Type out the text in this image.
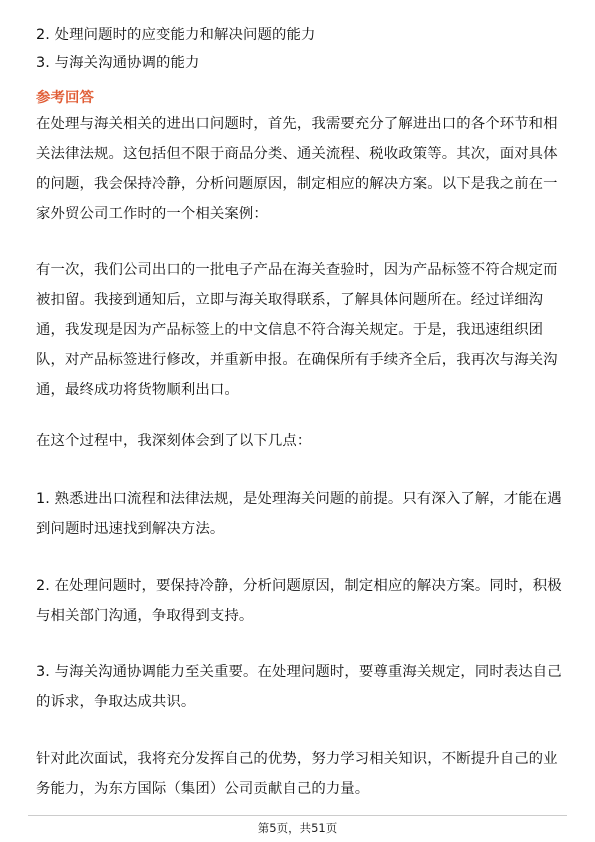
2. 处理问题时的应变能力和解决问题的能力
3. 与海关沟通协调的能力
参考回答
在处理与海关相关的进出口问题时，首先，我需要充分了解进出口的各个环节和相
关法律法规。这包括但不限于商品分类、通关流程、税收政策等。其次，面对具体
的问题，我会保持冷静，分析问题原因，制定相应的解决方案。以下是我之前在一
家外贸公司工作时的一个相关案例：
有一次，我们公司出口的一批电子产品在海关查验时，因为产品标签不符合规定而
被扣留。我接到通知后，立即与海关取得联系，了解具体问题所在。经过详细沟
通，我发现是因为产品标签上的中文信息不符合海关规定。于是，我迅速组织团
队，对产品标签进行修改，并重新申报。在确保所有手续齐全后，我再次与海关沟
通，最终成功将货物顺利出口。
在这个过程中，我深刻体会到了以下几点：
1. 熟悉进出口流程和法律法规，是处理海关问题的前提。只有深入了解，才能在遇
到问题时迅速找到解决方法。
2. 在处理问题时，要保持冷静，分析问题原因，制定相应的解决方案。同时，积极
与相关部门沟通，争取得到支持。
3. 与海关沟通协调能力至关重要。在处理问题时，要尊重海关规定，同时表达自己
的诉求，争取达成共识。
针对此次面试，我将充分发挥自己的优势，努力学习相关知识，不断提升自己的业
务能力，为东方国际（集团）公司贡献自己的力量。
第5页，共51页
